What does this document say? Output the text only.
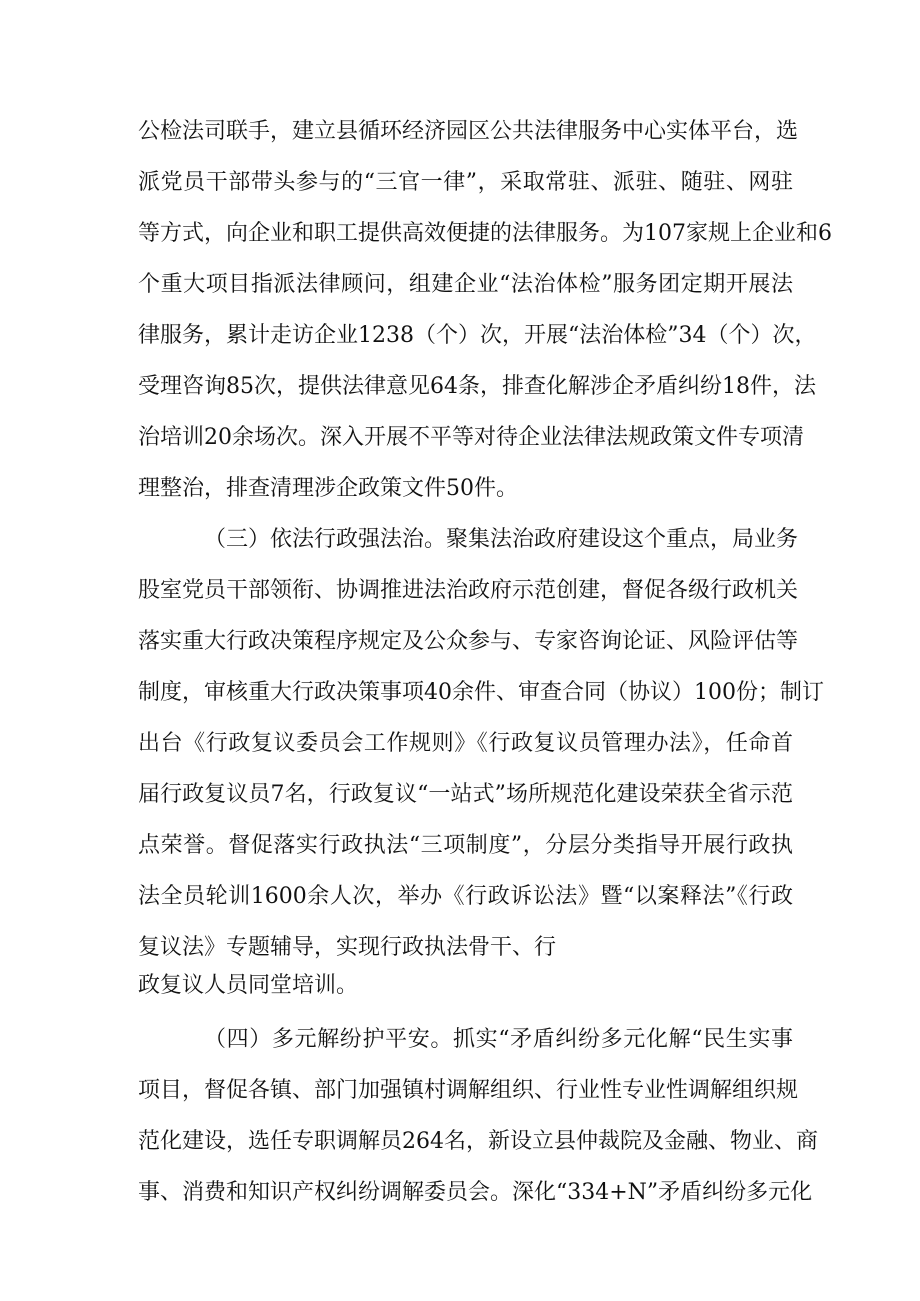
公检法司联手，建立县循环经济园区公共法律服务中心实体平台，选
派党员干部带头参与的“三官一律”，采取常驻、派驻、随驻、网驻
等方式，向企业和职工提供高效便捷的法律服务。为107家规上企业和6
个重大项目指派法律顾问，组建企业“法治体检”服务团定期开展法
律服务，累计走访企业1238（个）次，开展“法治体检”34（个）次，
受理咨询85次，提供法律意见64条，排查化解涉企矛盾纠纷18件，法
治培训20余场次。深入开展不平等对待企业法律法规政策文件专项清
理整治，排查清理涉企政策文件50件。
（三）依法行政强法治。聚集法治政府建设这个重点，局业务
股室党员干部领衔、协调推进法治政府示范创建，督促各级行政机关
落实重大行政决策程序规定及公众参与、专家咨询论证、风险评估等
制度，审核重大行政决策事项40余件、审查合同（协议）100份；制订
出台《行政复议委员会工作规则》《行政复议员管理办法》，任命首
届行政复议员7名，行政复议“一站式”场所规范化建设荣获全省示范
点荣誉。督促落实行政执法“三项制度”，分层分类指导开展行政执
法全员轮训1600余人次，举办《行政诉讼法》暨“以案释法”《行政
复议法》专题辅导，实现行政执法骨干、行
政复议人员同堂培训。
（四）多元解纷护平安。抓实“矛盾纠纷多元化解“民生实事
项目，督促各镇、部门加强镇村调解组织、行业性专业性调解组织规
范化建设，选任专职调解员264名，新设立县仲裁院及金融、物业、商
事、消费和知识产权纠纷调解委员会。深化“334+N”矛盾纠纷多元化
